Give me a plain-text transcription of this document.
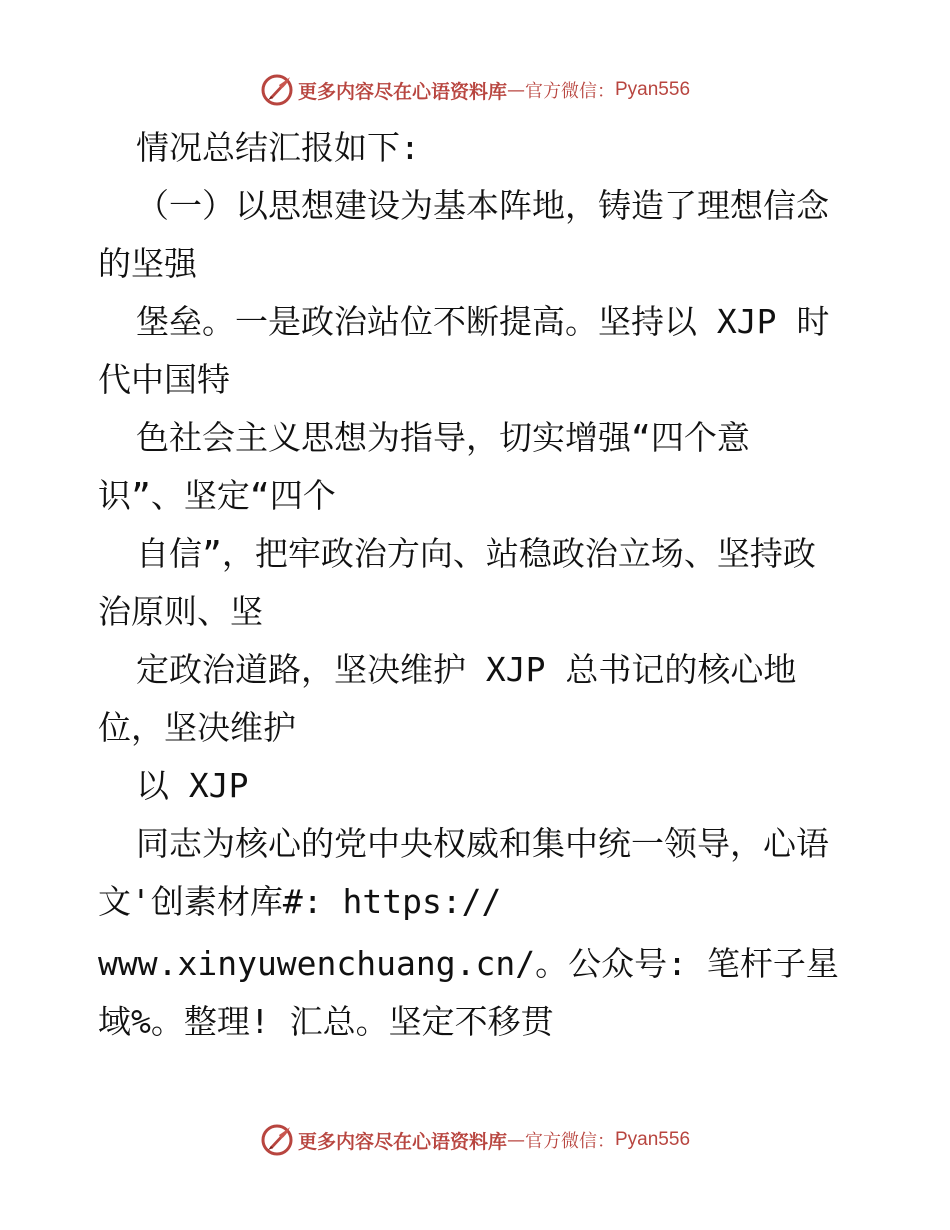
更多内容尽在心语资料库 — 官方微信： Pyan556
情况总结汇报如下:
（一）以思想建设为基本阵地，铸造了理想信念
的坚强
堡垒。一是政治站位不断提高。坚持以 XJP 时
代中国特
色社会主义思想为指导，切实增强“四个意
识”、坚定“四个
自信”，把牢政治方向、站稳政治立场、坚持政
治原则、坚
定政治道路，坚决维护 XJP 总书记的核心地
位，坚决维护
以 XJP
同志为核心的党中央权威和集中统一领导，心语
文'创素材库#: https://
www.xinyuwenchuang.cn/。公众号: 笔杆子星
域%。整理! 汇总。坚定不移贯
更多内容尽在心语资料库 — 官方微信： Pyan556
